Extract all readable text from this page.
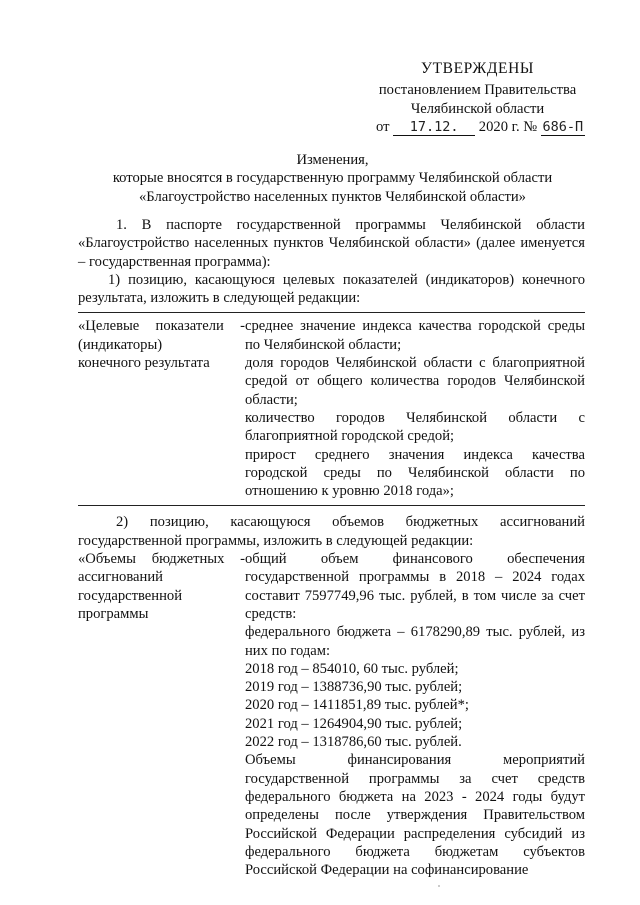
УТВЕРЖДЕНЫ
постановлением Правительства
Челябинской области
от 17.12. 2020 г. № 686-П
Изменения,
которые вносятся в государственную программу Челябинской области
«Благоустройство населенных пунктов Челябинской области»

1. В паспорте государственной программы Челябинской области «Благоустройство населенных пунктов Челябинской области» (далее именуется – государственная программа):

1) позицию, касающуюся целевых показателей (индикаторов) конечного результата, изложить в следующей редакции:

«Целевые показатели -
(индикаторы)
конечного результата

среднее значение индекса качества городской среды по Челябинской области;

доля городов Челябинской области с благоприятной средой от общего количества городов Челябинской области;

количество городов Челябинской области с благоприятной городской средой;

прирост среднего значения индекса качества городской среды по Челябинской области по отношению к уровню 2018 года»;

2) позицию, касающуюся объемов бюджетных ассигнований государственной программы, изложить в следующей редакции:

«Объемы бюджетных -
ассигнований
государственной
программы

общий объем финансового обеспечения государственной программы в 2018 – 2024 годах составит 7597749,96 тыс. рублей, в том числе за счет средств:

федерального бюджета – 6178290,89 тыс. рублей, из них по годам:

2018 год – 854010, 60 тыс. рублей;

2019 год – 1388736,90 тыс. рублей;

2020 год – 1411851,89 тыс. рублей*;

2021 год – 1264904,90 тыс. рублей;

2022 год – 1318786,60 тыс. рублей.

Объемы финансирования мероприятий государственной программы за счет средств федерального бюджета на 2023 - 2024 годы будут определены после утверждения Правительством Российской Федерации распределения субсидий из федерального бюджета бюджетам субъектов Российской Федерации на софинансирование
